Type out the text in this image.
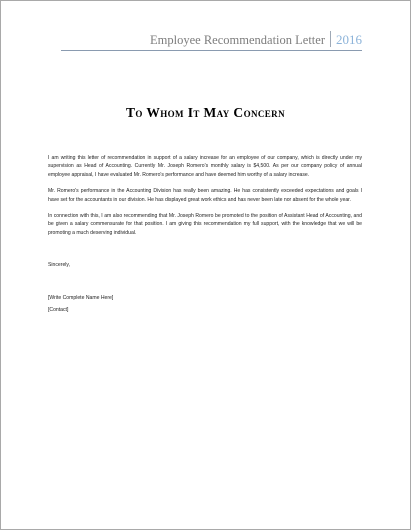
Employee Recommendation Letter 2016
To Whom It May Concern

I am writing this letter of recommendation in support of a salary increase for an employee of our company, which is directly under my supervision as Head of Accounting. Currently Mr. Joseph Romero's monthly salary is $4,500. As per our company policy of annual employee appraisal, I have evaluated Mr. Romero's performance and have deemed him worthy of a salary increase.

Mr. Romero's performance in the Accounting Division has really been amazing. He has consistently exceeded expectations and goals I have set for the accountants in our division. He has displayed great work ethics and has never been late nor absent for the whole year.

In connection with this, I am also recommending that Mr. Joseph Romero be promoted to the position of Assistant Head of Accounting, and be given a salary commensurate for that position. I am giving this recommendation my full support, with the knowledge that we will be promoting a much deserving individual.

Sincerely,
[Write Complete Name Here]
[Contact]
